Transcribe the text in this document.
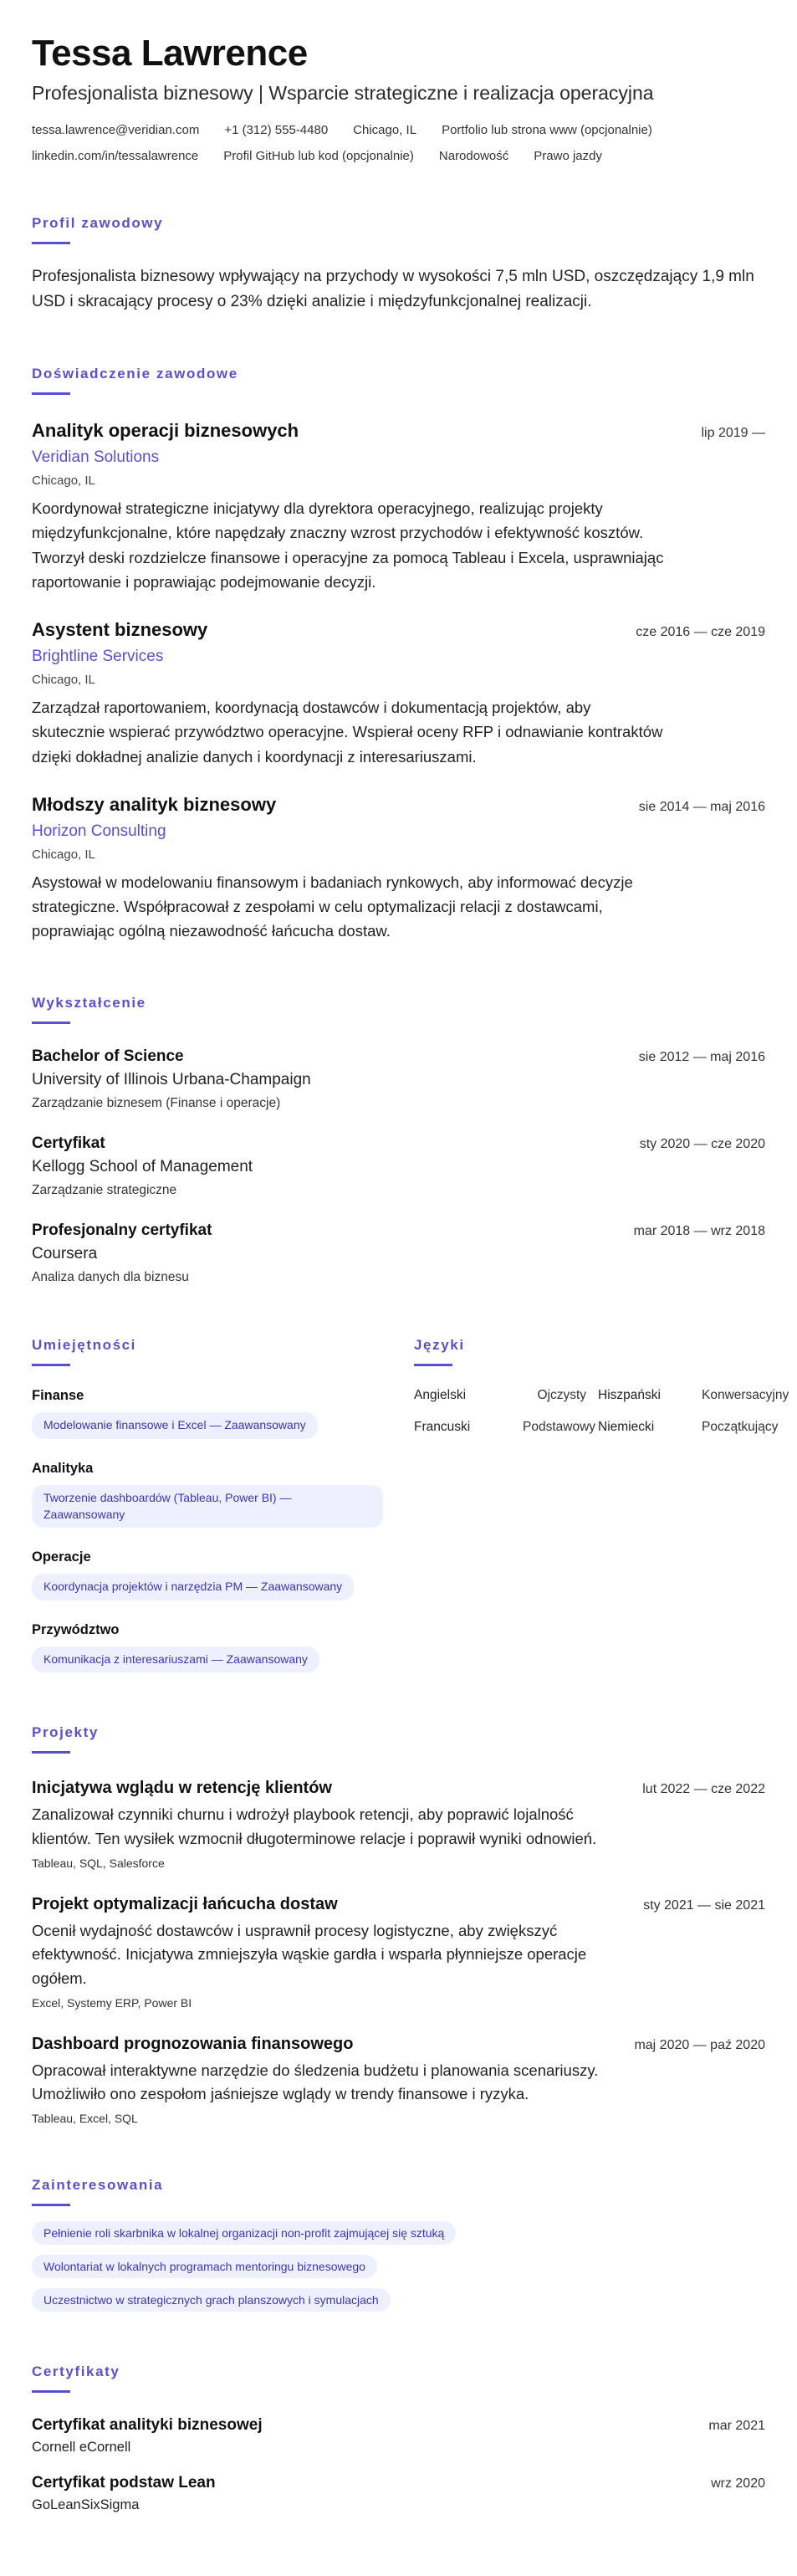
Tessa Lawrence
Profesjonalista biznesowy | Wsparcie strategiczne i realizacja operacyjna
tessa.lawrence@veridian.com +1 (312) 555-4480 Chicago, IL Portfolio lub strona www (opcjonalnie)
linkedin.com/in/tessalawrence Profil GitHub lub kod (opcjonalnie) Narodowość Prawo jazdy
Profil zawodowy

Profesjonalista biznesowy wpływający na przychody w wysokości 7,5 mln USD, oszczędzający 1,9 mln USD i skracający procesy o 23% dzięki analizie i międzyfunkcjonalnej realizacji.

Doświadczenie zawodowe
Analityk operacji biznesowych	lip 2019 —
Veridian Solutions
Chicago, IL

Koordynował strategiczne inicjatywy dla dyrektora operacyjnego, realizując projekty międzyfunkcjonalne, które napędzały znaczny wzrost przychodów i efektywność kosztów. Tworzył deski rozdzielcze finansowe i operacyjne za pomocą Tableau i Excela, usprawniając raportowanie i poprawiając podejmowanie decyzji.

Asystent biznesowy	cze 2016 — cze 2019
Brightline Services
Chicago, IL

Zarządzał raportowaniem, koordynacją dostawców i dokumentacją projektów, aby skutecznie wspierać przywództwo operacyjne. Wspierał oceny RFP i odnawianie kontraktów dzięki dokładnej analizie danych i koordynacji z interesariuszami.

Młodszy analityk biznesowy	sie 2014 — maj 2016
Horizon Consulting
Chicago, IL

Asystował w modelowaniu finansowym i badaniach rynkowych, aby informować decyzje strategiczne. Współpracował z zespołami w celu optymalizacji relacji z dostawcami, poprawiając ogólną niezawodność łańcucha dostaw.

Wykształcenie
Bachelor of Science	sie 2012 — maj 2016
University of Illinois Urbana-Champaign
Zarządzanie biznesem (Finanse i operacje)
Certyfikat	sty 2020 — cze 2020
Kellogg School of Management
Zarządzanie strategiczne
Profesjonalny certyfikat	mar 2018 — wrz 2018
Coursera
Analiza danych dla biznesu
Umiejętności
Finanse
Modelowanie finansowe i Excel — Zaawansowany
Analityka
Tworzenie dashboardów (Tableau, Power BI) — Zaawansowany
Operacje
Koordynacja projektów i narzędzia PM — Zaawansowany
Przywództwo
Komunikacja z interesariuszami — Zaawansowany
Języki
Angielski	Ojczysty Hiszpański	Konwersacyjny
Francuski	Podstawowy Niemiecki	Początkujący
Projekty
Inicjatywa wglądu w retencję klientów	lut 2022 — cze 2022

Zanalizował czynniki churnu i wdrożył playbook retencji, aby poprawić lojalność klientów. Ten wysiłek wzmocnił długoterminowe relacje i poprawił wyniki odnowień.

Tableau, SQL, Salesforce
Projekt optymalizacji łańcucha dostaw	sty 2021 — sie 2021

Ocenił wydajność dostawców i usprawnił procesy logistyczne, aby zwiększyć efektywność. Inicjatywa zmniejszyła wąskie gardła i wsparła płynniejsze operacje ogółem.

Excel, Systemy ERP, Power BI
Dashboard prognozowania finansowego	maj 2020 — paź 2020

Opracował interaktywne narzędzie do śledzenia budżetu i planowania scenariuszy. Umożliwiło ono zespołom jaśniejsze wglądy w trendy finansowe i ryzyka.

Tableau, Excel, SQL
Zainteresowania
Pełnienie roli skarbnika w lokalnej organizacji non-profit zajmującej się sztuką
Wolontariat w lokalnych programach mentoringu biznesowego
Uczestnictwo w strategicznych grach planszowych i symulacjach
Certyfikaty
Certyfikat analityki biznesowej	mar 2021
Cornell eCornell
Certyfikat podstaw Lean	wrz 2020
GoLeanSixSigma
